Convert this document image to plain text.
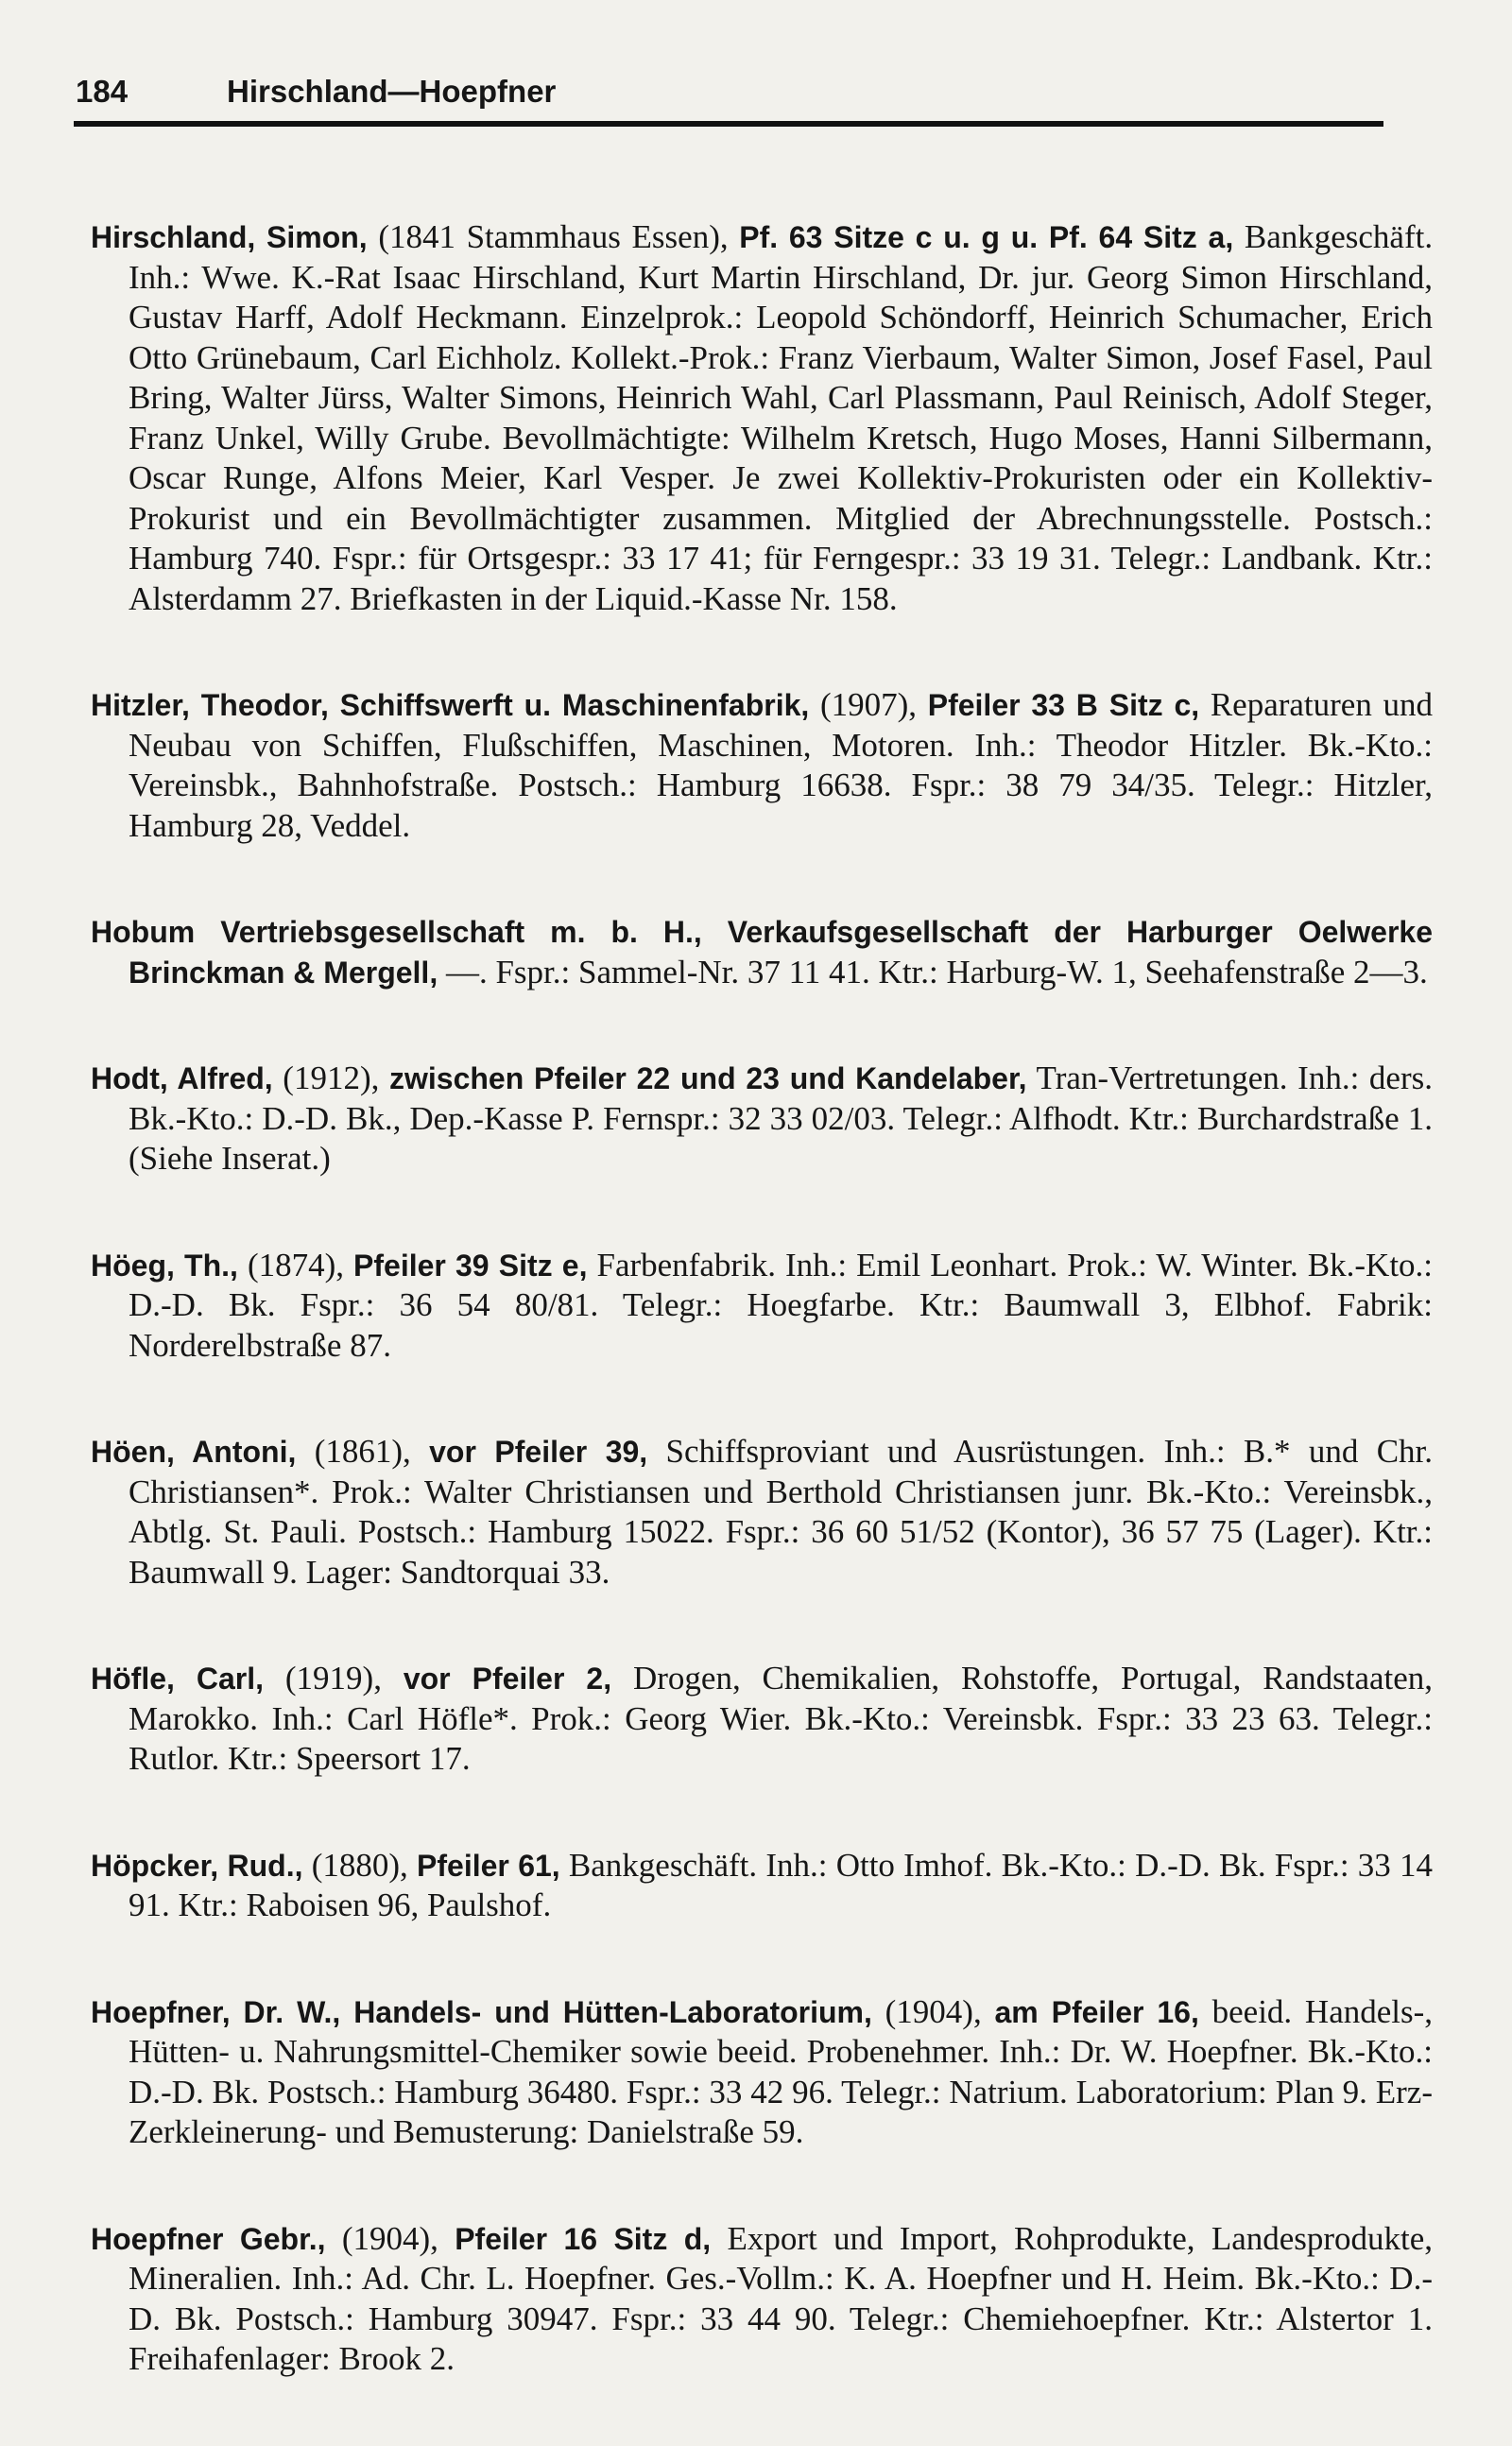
184	Hirschland—Hoepfner

Hirschland, Simon, (1841 Stammhaus Essen), Pf. 63 Sitze c u. g u. Pf. 64 Sitz a, Bankgeschäft. Inh.: Wwe. K.-Rat Isaac Hirschland, Kurt Martin Hirschland, Dr. jur. Georg Simon Hirschland, Gustav Harff, Adolf Heckmann. Einzelprok.: Leopold Schöndorff, Heinrich Schumacher, Erich Otto Grünebaum, Carl Eichholz. Kollekt.-Prok.: Franz Vierbaum, Walter Simon, Josef Fasel, Paul Bring, Walter Jürss, Walter Simons, Heinrich Wahl, Carl Plassmann, Paul Reinisch, Adolf Steger, Franz Unkel, Willy Grube. Bevollmächtigte: Wilhelm Kretsch, Hugo Moses, Hanni Silbermann, Oscar Runge, Alfons Meier, Karl Vesper. Je zwei Kollektiv-Prokuristen oder ein Kollektiv-Prokurist und ein Bevollmächtigter zusammen. Mitglied der Abrechnungsstelle. Postsch.: Hamburg 740. Fspr.: für Ortsgespr.: 33 17 41; für Ferngespr.: 33 19 31. Telegr.: Landbank. Ktr.: Alsterdamm 27. Briefkasten in der Liquid.-Kasse Nr. 158.

Hitzler, Theodor, Schiffswerft u. Maschinenfabrik, (1907), Pfeiler 33 B Sitz c, Reparaturen und Neubau von Schiffen, Flußschiffen, Maschinen, Motoren. Inh.: Theodor Hitzler. Bk.-Kto.: Vereinsbk., Bahnhofstraße. Postsch.: Hamburg 16638. Fspr.: 38 79 34/35. Telegr.: Hitzler, Hamburg 28, Veddel.

Hobum Vertriebsgesellschaft m. b. H., Verkaufsgesellschaft der Harburger Oelwerke Brinckman & Mergell, —. Fspr.: Sammel-Nr. 37 11 41. Ktr.: Harburg-W. 1, Seehafenstraße 2—3.

Hodt, Alfred, (1912), zwischen Pfeiler 22 und 23 und Kandelaber, Tran-Vertretungen. Inh.: ders. Bk.-Kto.: D.-D. Bk., Dep.-Kasse P. Fernspr.: 32 33 02/03. Telegr.: Alfhodt. Ktr.: Burchardstraße 1. (Siehe Inserat.)

Höeg, Th., (1874), Pfeiler 39 Sitz e, Farbenfabrik. Inh.: Emil Leonhart. Prok.: W. Winter. Bk.-Kto.: D.-D. Bk. Fspr.: 36 54 80/81. Telegr.: Hoegfarbe. Ktr.: Baumwall 3, Elbhof. Fabrik: Norderelbstraße 87.

Höen, Antoni, (1861), vor Pfeiler 39, Schiffsproviant und Ausrüstungen. Inh.: B.* und Chr. Christiansen*. Prok.: Walter Christiansen und Berthold Christiansen junr. Bk.-Kto.: Vereinsbk., Abtlg. St. Pauli. Postsch.: Hamburg 15022. Fspr.: 36 60 51/52 (Kontor), 36 57 75 (Lager). Ktr.: Baumwall 9. Lager: Sandtorquai 33.

Höfle, Carl, (1919), vor Pfeiler 2, Drogen, Chemikalien, Rohstoffe, Portugal, Randstaaten, Marokko. Inh.: Carl Höfle*. Prok.: Georg Wier. Bk.-Kto.: Vereinsbk. Fspr.: 33 23 63. Telegr.: Rutlor. Ktr.: Speersort 17.

Höpcker, Rud., (1880), Pfeiler 61, Bankgeschäft. Inh.: Otto Imhof. Bk.-Kto.: D.-D. Bk. Fspr.: 33 14 91. Ktr.: Raboisen 96, Paulshof.

Hoepfner, Dr. W., Handels- und Hütten-Laboratorium, (1904), am Pfeiler 16, beeid. Handels-, Hütten- u. Nahrungsmittel-Chemiker sowie beeid. Probenehmer. Inh.: Dr. W. Hoepfner. Bk.-Kto.: D.-D. Bk. Postsch.: Hamburg 36480. Fspr.: 33 42 96. Telegr.: Natrium. Laboratorium: Plan 9. Erz-Zerkleinerung- und Bemusterung: Danielstraße 59.

Hoepfner Gebr., (1904), Pfeiler 16 Sitz d, Export und Import, Rohprodukte, Landesprodukte, Mineralien. Inh.: Ad. Chr. L. Hoepfner. Ges.-Vollm.: K. A. Hoepfner und H. Heim. Bk.-Kto.: D.-D. Bk. Postsch.: Hamburg 30947. Fspr.: 33 44 90. Telegr.: Chemiehoepfner. Ktr.: Alstertor 1. Freihafenlager: Brook 2.
